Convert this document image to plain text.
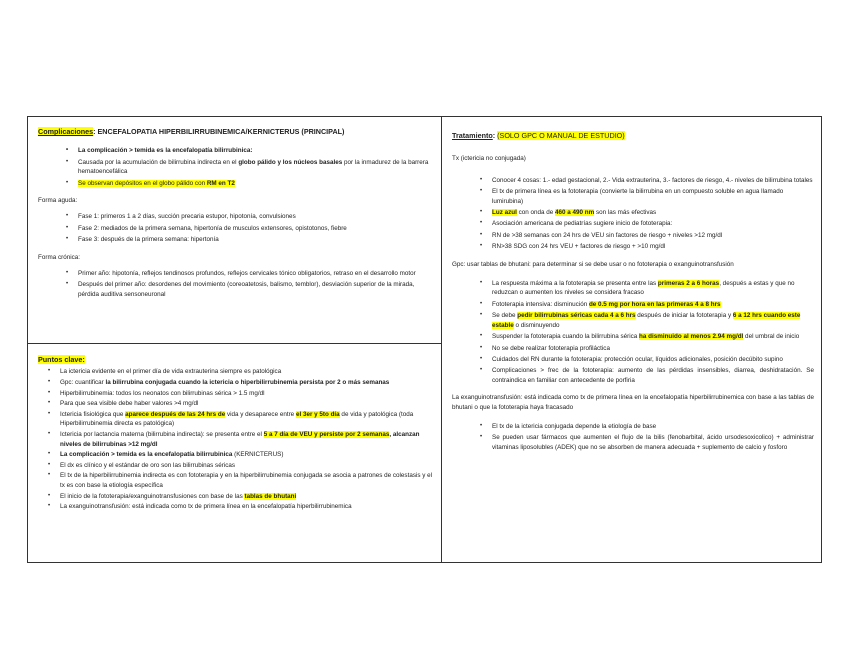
Complicaciones: ENCEFALOPATIA HIPERBILIRRUBINEMICA/KERNICTERUS (PRINCIPAL)
• La complicación > temida es la encefalopatía bilirrubinica:
• Causada por la acumulación de bilirrubina indirecta en el globo pálido y los núcleos basales por la inmadurez de la barrera hematoencefálica
• Se observan depósitos en el globo pálido con RM en T2
Forma aguda:
• Fase 1: primeros 1 a 2 días, succión precaria estupor, hipotonía, convulsiones
• Fase 2: mediados de la primera semana, hipertonía de musculos extensores, opistotonos, fiebre
• Fase 3: después de la primera semana: hipertonía
Forma crónica:
• Primer año: hipotonía, reflejos tendinosos profundos, reflejos cervicales tónico obligatorios, retraso en el desarrollo motor
• Después del primer año: desordenes del movimiento (coreoatetosis, balismo, temblor), desviación superior de la mirada, pérdida auditiva sensoneuronal
Puntos clave:
• La ictericia evidente en el primer día de vida extrauterina siempre es patológica
• Gpc: cuantificar la bilirrubina conjugada cuando la ictericia o hiperbilirrubinemia persista por 2 o más semanas
• Hiperbilirrubinemia: todos los neonatos con bilirrubinas sérica > 1.5 mg/dl
• Para que sea visible debe haber valores >4 mg/dl
• Ictericia fisiológica que aparece después de las 24 hrs de vida y desaparece entre el 3er y 5to día de vida y patológica (toda Hiperbilirrubinemia directa es patológica)
• Ictericia por lactancia materna (bilirrubina indirecta): se presenta entre el 5 a 7 día de VEU y persiste por 2 semanas, alcanzan niveles de bilirrubinas >12 mg/dl
• La complicación > temida es la encefalopatía bilirrubinica (KERNICTERUS)
• El dx es clínico y el estándar de oro son las bilirrubinas séricas
• El tx de la hiperbilirrubinemia indirecta es con fototerapia y en la hiperbilirrubinemia conjugada se asocia a patrones de colestasis y el tx es con base la etiología específica
• El inicio de la fototerapia/exanguinotransfusiones con base de las tablas de bhutani
• La exanguinotransfusión: está indicada como tx de primera línea en la encefalopatía hiperbilirrubinemica
Tratamiento: (SOLO GPC O MANUAL DE ESTUDIO)
Tx (ictericia no conjugada)
• Conocer 4 cosas: 1.- edad gestacional, 2.- Vida extrauterina, 3.- factores de riesgo, 4.- niveles de bilirrubina totales
• El tx de primera línea es la fototerapia (convierte la bilirrubina en un compuesto soluble en agua llamado lumirubina)
• Luz azul con onda de 460 a 490 nm son las más efectivas
• Asociación americana de pediatrías sugiere inicio de fototerapia:
• RN de >38 semanas con 24 hrs de VEU sin factores de riesgo + niveles >12 mg/dl
• RN>38 SDG con 24 hrs VEU + factores de riesgo + >10 mg/dl
Gpc: usar tablas de bhutani: para determinar si se debe usar o no fototerapia o exanguinotransfusión
• La respuesta máxima a la fototerapia se presenta entre las primeras 2 a 6 horas, después a estas y que no reduzcan o aumenten los niveles se considera fracaso
• Fototerapia intensiva: disminución de 0.5 mg por hora en las primeras 4 a 8 hrs
• Se debe pedir bilirrubinas séricas cada 4 a 6 hrs después de iniciar la fototerapia y 6 a 12 hrs cuando este estable o disminuyendo
• Suspender la fototerapia cuando la bilirrubina sérica ha disminuido al menos 2.94 mg/dl del umbral de inicio
• No se debe realizar fototerapia profiláctica
• Cuidados del RN durante la fototerapia: protección ocular, líquidos adicionales, posición decúbito supino
• Complicaciones > frec de la fototerapia: aumento de las pérdidas insensibles, diarrea, deshidratación. Se contraindica en familiar con antecedente de porfiria
La exanguinotransfusión: está indicada como tx de primera línea en la encefalopatía hiperbilirrubinemica con base a las tablas de bhutani o que la fototerapia haya fracasado
• El tx de la ictericia conjugada depende la etiología de base
• Se pueden usar fármacos que aumenten el flujo de la bilis (fenobarbital, ácido ursodesoxicolico) + administrar vitaminas liposolubles (ADEK) que no se absorben de manera adecuada + suplemento de calcio y fosforo
